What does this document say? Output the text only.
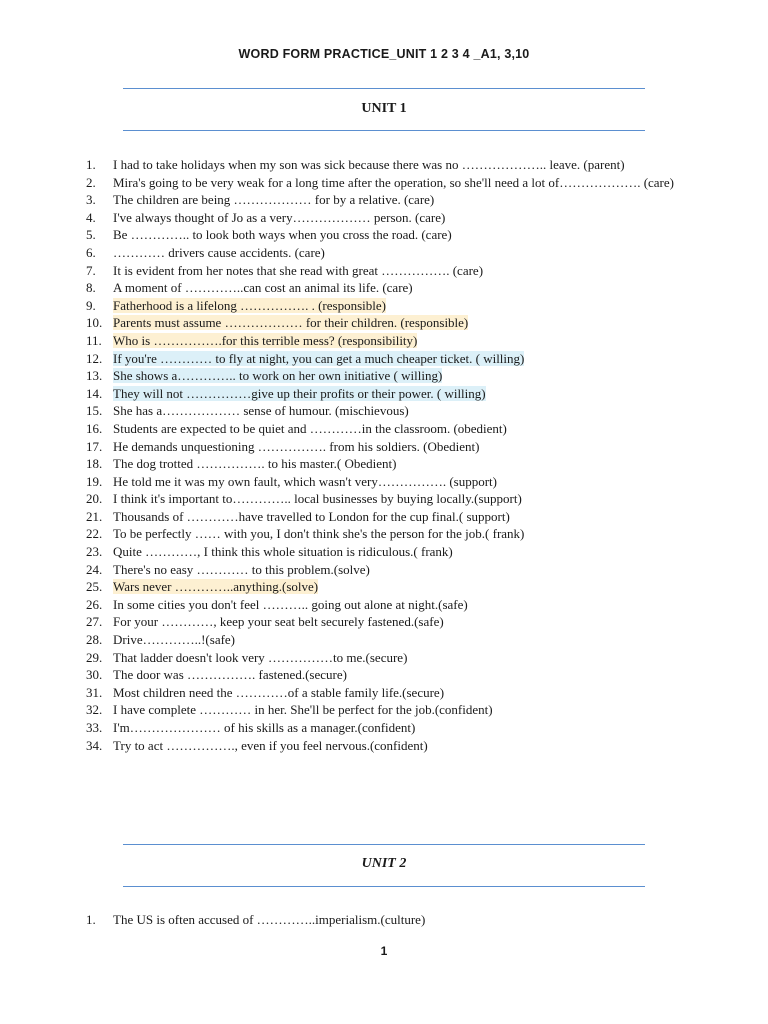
WORD FORM PRACTICE_UNIT 1 2 3 4 _A1, 3,10
UNIT 1
1.	I had to take holidays when my son was sick because there was no ……………….. leave. (parent)
2.	Mira's going to be very weak for a long time after the operation, so she'll need a lot of………………. (care)
3.	The children are being ……………… for by a relative. (care)
4.	I've always thought of Jo as a very……………… person. (care)
5.	Be ………….. to look both ways when you cross the road. (care)
6.	………… drivers cause accidents. (care)
7.	It is evident from her notes that she read with great ……………. (care)
8.	A moment of …………..can cost an animal its life. (care)
9.	Fatherhood is a lifelong ……………. . (responsible)
10. Parents must assume ……………… for their children. (responsible)
11. Who is …………….for this terrible mess? (responsibility)
12. If you're ………… to fly at night, you can get a much cheaper ticket. ( willing)
13. She shows a………….. to work on her own initiative ( willing)
14. They will not ……………give up their profits or their power. ( willing)
15. She has a……………… sense of humour. (mischievous)
16. Students are expected to be quiet and …………in the classroom. (obedient)
17. He demands unquestioning ……………. from his soldiers. (Obedient)
18. The dog trotted ……………. to his master.( Obedient)
19. He told me it was my own fault, which wasn't very……………. (support)
20. I think it's important to………….. local businesses by buying locally.(support)
21. Thousands of …………have travelled to London for the cup final.( support)
22. To be perfectly …… with you, I don't think she's the person for the job.( frank)
23. Quite …………, I think this whole situation is ridiculous.( frank)
24. There's no easy ………… to this problem.(solve)
25. Wars never …………..anything.(solve)
26. In some cities you don't feel ……….. going out alone at night.(safe)
27. For your …………, keep your seat belt securely fastened.(safe)
28. Drive…………..!(safe)
29. That ladder doesn't look very ……………to me.(secure)
30. The door was ……………. fastened.(secure)
31. Most children need the …………of a stable family life.(secure)
32. I have complete ………… in her. She'll be perfect for the job.(confident)
33. I'm………………… of his skills as a manager.(confident)
34. Try to act ……………., even if you feel nervous.(confident)
UNIT 2
1.	The US is often accused of …………..imperialism.(culture)
1
